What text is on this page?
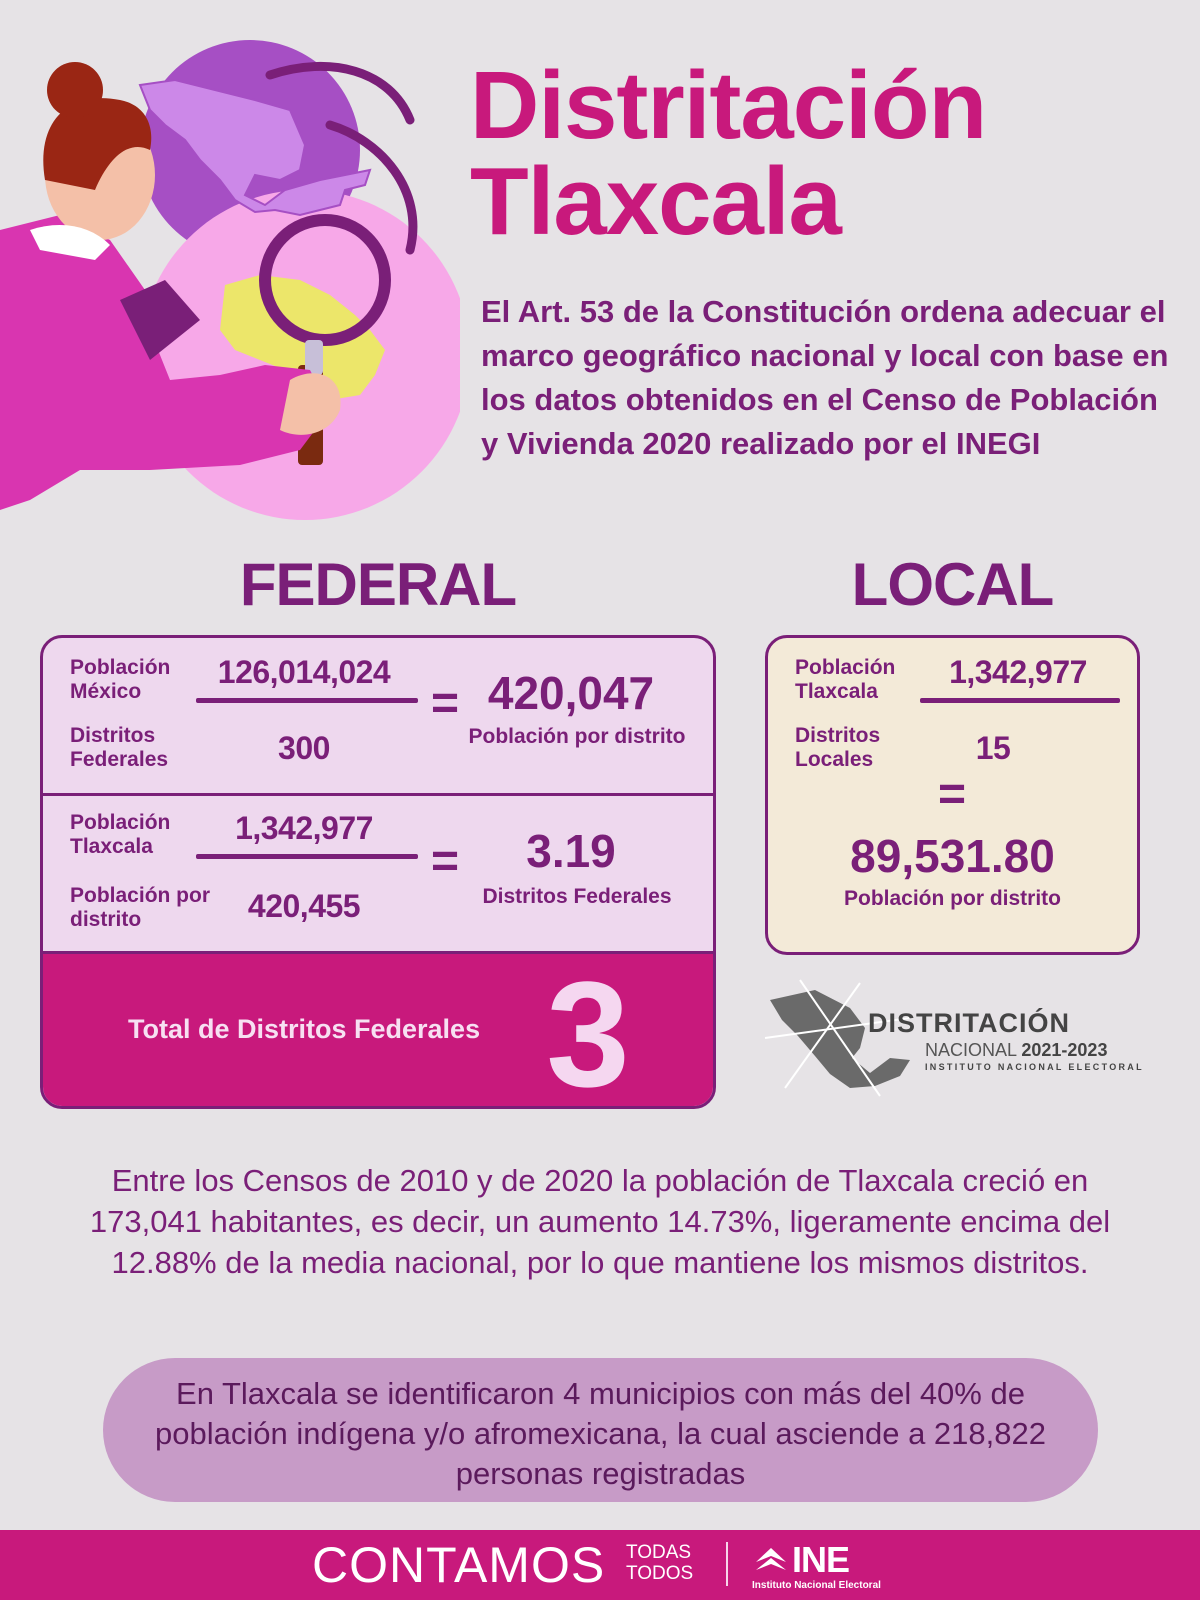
Distritación
Tlaxcala

El Art. 53 de la Constitución ordena adecuar el marco geográfico nacional y local con base en los datos obtenidos en el Censo de Población y Vivienda 2020 realizado por el INEGI

FEDERAL	LOCAL
Población México
126,014,024
Distritos Federales	300
= 420,047
Población por distrito
Población Tlaxcala
1,342,977
Población por distrito	420,455
=	3.19
Distritos Federales
Total de Distritos Federales 3
Población Tlaxcala
1,342,977
Distritos Locales	15
=
89,531.80
Población por distrito
DISTRITACIÓN
NACIONAL 2021-2023
INSTITUTO NACIONAL ELECTORAL

Entre los Censos de 2010 y de 2020 la población de Tlaxcala creció en 173,041 habitantes, es decir, un aumento 14.73%, ligeramente encima del 12.88% de la media nacional, por lo que mantiene los mismos distritos.

En Tlaxcala se identificaron 4 municipios con más del 40% de población indígena y/o afromexicana, la cual asciende a 218,822 personas registradas

CONTAMOS TODAS
TODOS	INE
Instituto Nacional Electoral
